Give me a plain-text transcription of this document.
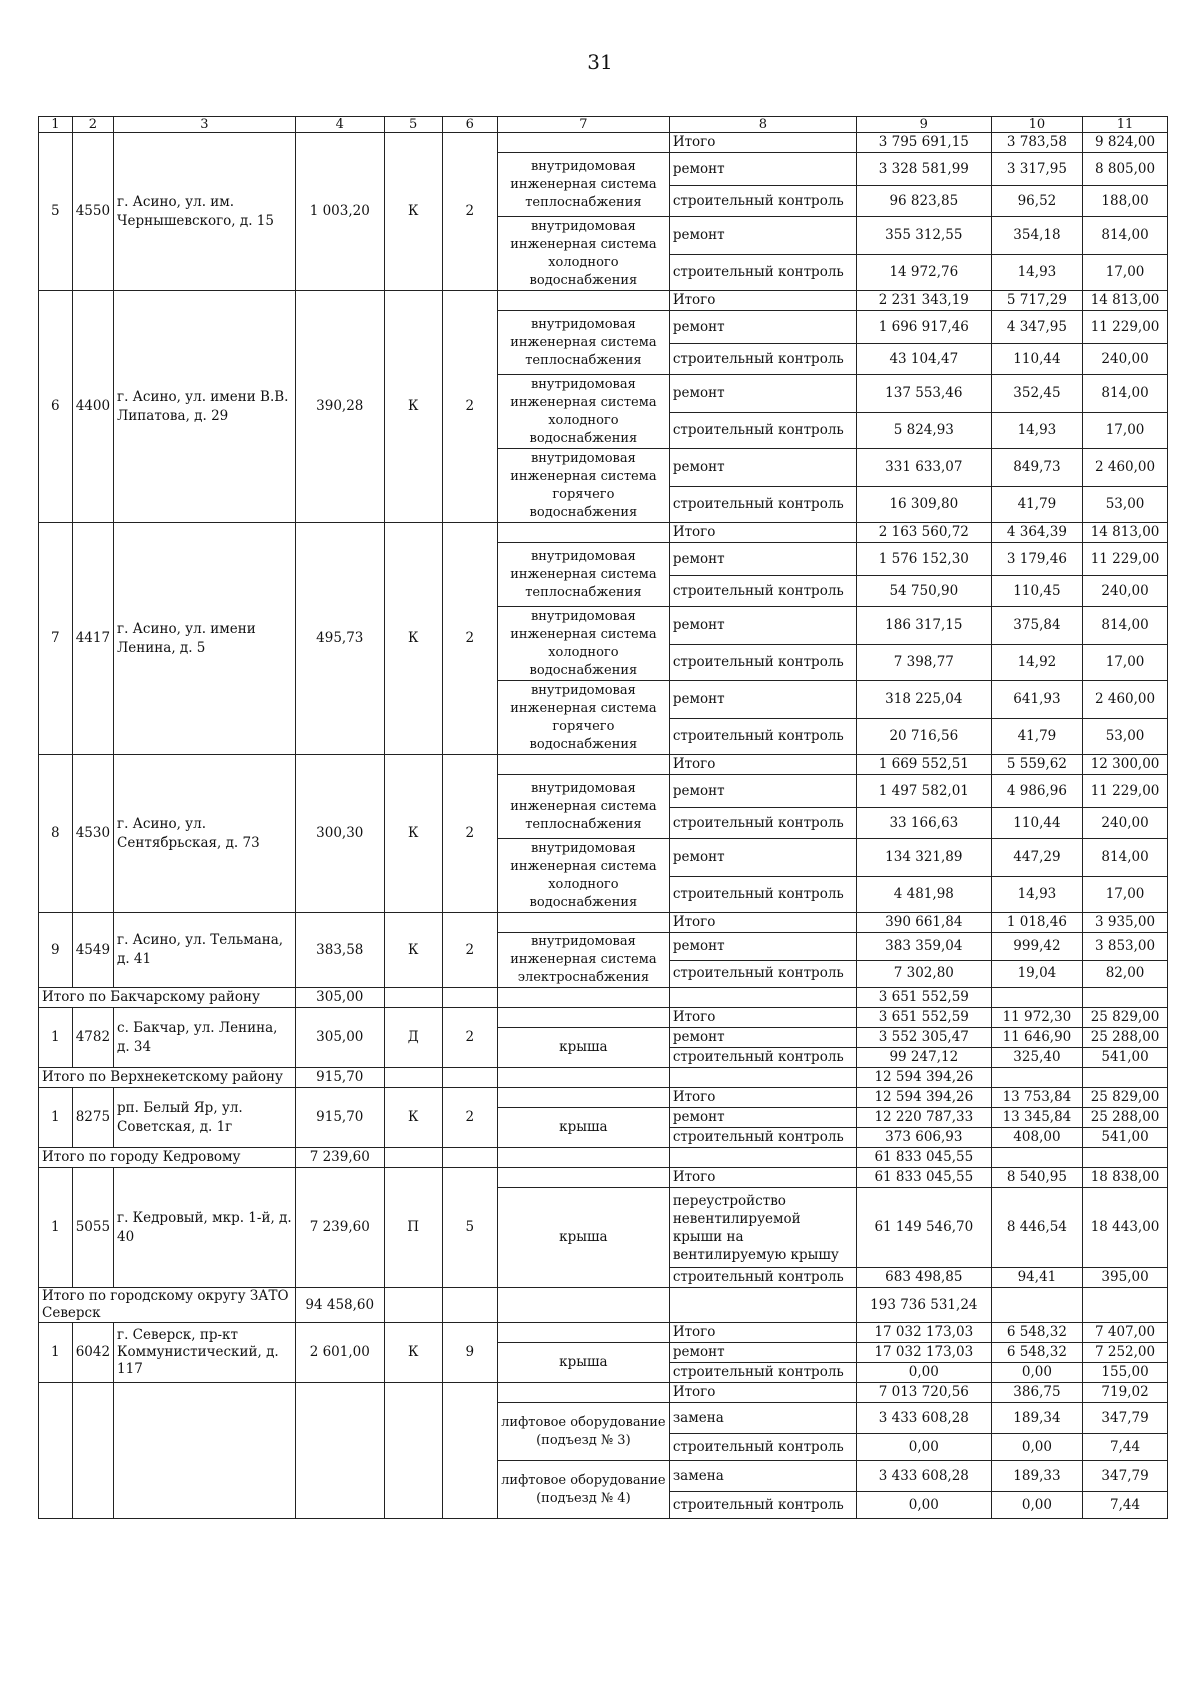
31
1	2	3	4	5	6	7	8	9	10	11
5	4550	г. Асино, ул. им. Чернышевского, д. 15	1 003,20	К	2		Итого	3 795 691,15	3 783,58	9 824,00
						внутридомовая инженерная система теплоснабжения	ремонт	3 328 581,99	3 317,95	8 805,00
							строительный контроль	96 823,85	96,52	188,00
						внутридомовая инженерная система холодного водоснабжения	ремонт	355 312,55	354,18	814,00
							строительный контроль	14 972,76	14,93	17,00
6	4400	г. Асино, ул. имени В.В. Липатова, д. 29	390,28	К	2		Итого	2 231 343,19	5 717,29	14 813,00
						внутридомовая инженерная система теплоснабжения	ремонт	1 696 917,46	4 347,95	11 229,00
							строительный контроль	43 104,47	110,44	240,00
						внутридомовая инженерная система холодного водоснабжения	ремонт	137 553,46	352,45	814,00
							строительный контроль	5 824,93	14,93	17,00
						внутридомовая инженерная система горячего водоснабжения	ремонт	331 633,07	849,73	2 460,00
							строительный контроль	16 309,80	41,79	53,00
7	4417	г. Асино, ул. имени Ленина, д. 5	495,73	К	2		Итого	2 163 560,72	4 364,39	14 813,00
						внутридомовая инженерная система теплоснабжения	ремонт	1 576 152,30	3 179,46	11 229,00
							строительный контроль	54 750,90	110,45	240,00
						внутридомовая инженерная система холодного водоснабжения	ремонт	186 317,15	375,84	814,00
							строительный контроль	7 398,77	14,92	17,00
						внутридомовая инженерная система горячего водоснабжения	ремонт	318 225,04	641,93	2 460,00
							строительный контроль	20 716,56	41,79	53,00
8	4530	г. Асино, ул. Сентябрьская, д. 73	300,30	К	2		Итого	1 669 552,51	5 559,62	12 300,00
						внутридомовая инженерная система теплоснабжения	ремонт	1 497 582,01	4 986,96	11 229,00
							строительный контроль	33 166,63	110,44	240,00
						внутридомовая инженерная система холодного водоснабжения	ремонт	134 321,89	447,29	814,00
							строительный контроль	4 481,98	14,93	17,00
9	4549	г. Асино, ул. Тельмана, д. 41	383,58	К	2		Итого	390 661,84	1 018,46	3 935,00
						внутридомовая инженерная система электроснабжения	ремонт	383 359,04	999,42	3 853,00
							строительный контроль	7 302,80	19,04	82,00
Итого по Бакчарскому району			305,00					3 651 552,59		
1	4782	с. Бакчар, ул. Ленина, д. 34	305,00	Д	2		Итого	3 651 552,59	11 972,30	25 829,00
						крыша	ремонт	3 552 305,47	11 646,90	25 288,00
							строительный контроль	99 247,12	325,40	541,00
Итого по Верхнекетскому району			915,70					12 594 394,26		
1	8275	рп. Белый Яр, ул. Советская, д. 1г	915,70	К	2		Итого	12 594 394,26	13 753,84	25 829,00
						крыша	ремонт	12 220 787,33	13 345,84	25 288,00
							строительный контроль	373 606,93	408,00	541,00
Итого по городу Кедровому			7 239,60					61 833 045,55		
1	5055	г. Кедровый, мкр. 1-й, д. 40	7 239,60	П	5		Итого	61 833 045,55	8 540,95	18 838,00
						крыша	переустройство невентилируемой крыши на вентилируемую крышу	61 149 546,70	8 446,54	18 443,00
							строительный контроль	683 498,85	94,41	395,00
Итого по городскому округу ЗАТО Северск			94 458,60					193 736 531,24		
1	6042	г. Северск, пр-кт Коммунистический, д. 117	2 601,00	К	9		Итого	17 032 173,03	6 548,32	7 407,00
						крыша	ремонт	17 032 173,03	6 548,32	7 252,00
							строительный контроль	0,00	0,00	155,00
							Итого	7 013 720,56	386,75	719,02
						лифтовое оборудование (подъезд № 3)	замена	3 433 608,28	189,34	347,79
							строительный контроль	0,00	0,00	7,44
						лифтовое оборудование (подъезд № 4)	замена	3 433 608,28	189,33	347,79
							строительный контроль	0,00	0,00	7,44
